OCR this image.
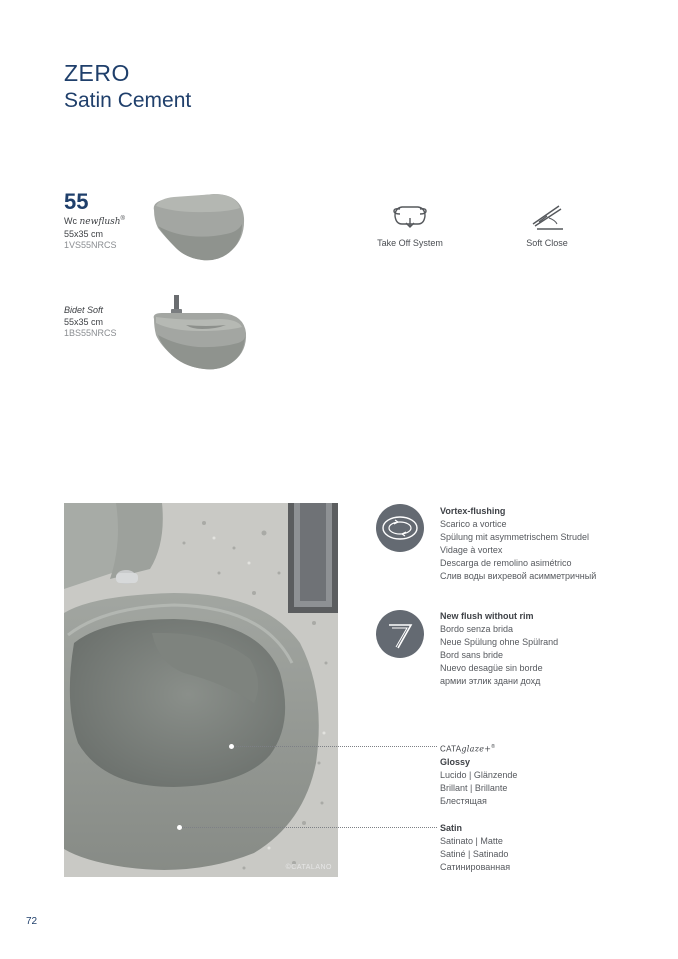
ZERO
Satin Cement
55
Wc newflush®
55x35 cm
1VS55NRCS
Bidet Soft
55x35 cm
1BS55NRCS
Take Off System	Soft Close
©CATALANO
Vortex-flushing
Scarico a vortice
Spülung mit asymmetrischem Strudel
Vidage à vortex
Descarga de remolino asimétrico
Слив воды вихревой асимметричный
New flush without rim
Bordo senza brida
Neue Spülung ohne Spülrand
Bord sans bride
Nuevo desagüe sin borde
армии этлик здани дохд
CATAglaze+®
Glossy
Lucido | Glänzende
Brillant | Brillante
Блестящая
Satin
Satinato | Matte
Satiné | Satinado
Сатинированная
72
